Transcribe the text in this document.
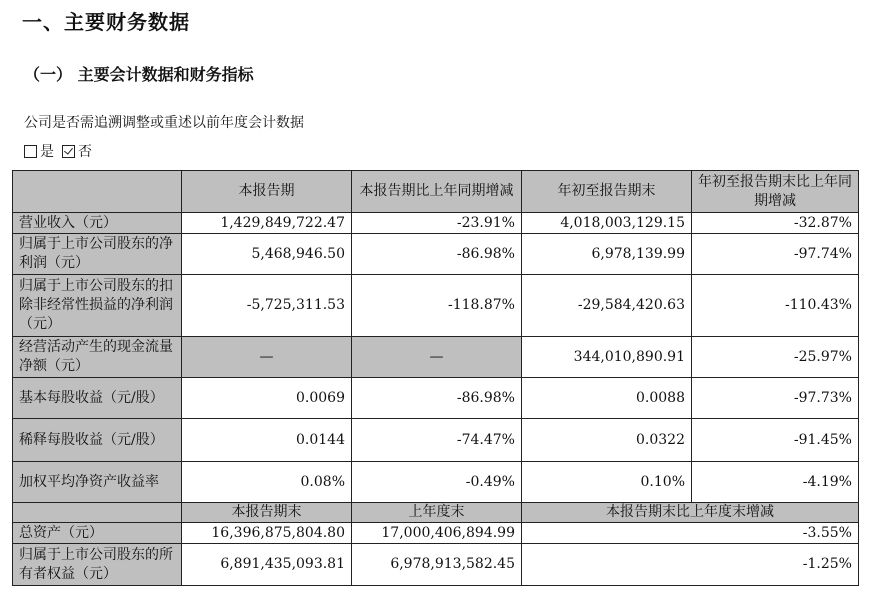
一、主要财务数据
（一） 主要会计数据和财务指标
公司是否需追溯调整或重述以前年度会计数据
是 否
	本报告期	本报告期比上年同期增减	年初至报告期末	年初至报告期末比上年同期增减
营业收入（元）	1,429,849,722.47	-23.91%	4,018,003,129.15	-32.87%
归属于上市公司股东的净利润（元）	5,468,946.50	-86.98%	6,978,139.99	-97.74%
归属于上市公司股东的扣除非经常性损益的净利润（元）	-5,725,311.53	-118.87%	-29,584,420.63	-110.43%
经营活动产生的现金流量净额（元）	—	—	344,010,890.91	-25.97%
基本每股收益（元/股）	0.0069	-86.98%	0.0088	-97.73%
稀释每股收益（元/股）	0.0144	-74.47%	0.0322	-91.45%
加权平均净资产收益率	0.08%	-0.49%	0.10%	-4.19%
	本报告期末	上年度末	本报告期末比上年度末增减	
总资产（元）	16,396,875,804.80	17,000,406,894.99	-3.55%	
归属于上市公司股东的所有者权益（元）	6,891,435,093.81	6,978,913,582.45	-1.25%	
